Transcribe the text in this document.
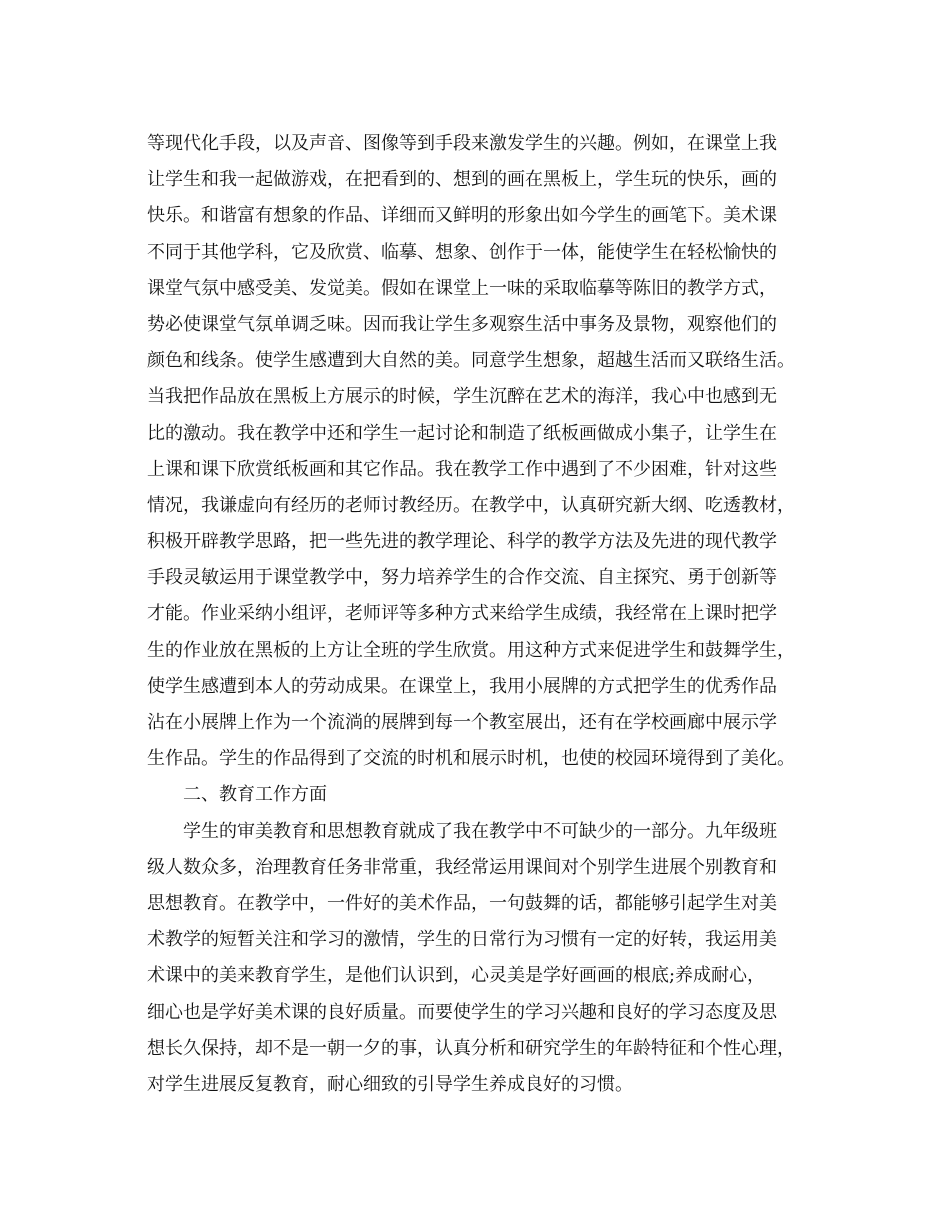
等现代化手段，以及声音、图像等到手段来激发学生的兴趣。例如，在课堂上我
让学生和我一起做游戏，在把看到的、想到的画在黑板上，学生玩的快乐，画的
快乐。和谐富有想象的作品、详细而又鲜明的形象出如今学生的画笔下。美术课
不同于其他学科，它及欣赏、临摹、想象、创作于一体，能使学生在轻松愉快的
课堂气氛中感受美、发觉美。假如在课堂上一味的采取临摹等陈旧的教学方式，
势必使课堂气氛单调乏味。因而我让学生多观察生活中事务及景物，观察他们的
颜色和线条。使学生感遭到大自然的美。同意学生想象，超越生活而又联络生活。
当我把作品放在黑板上方展示的时候，学生沉醉在艺术的海洋，我心中也感到无
比的激动。我在教学中还和学生一起讨论和制造了纸板画做成小集子，让学生在
上课和课下欣赏纸板画和其它作品。我在教学工作中遇到了不少困难，针对这些
情况，我谦虚向有经历的老师讨教经历。在教学中，认真研究新大纲、吃透教材，
积极开辟教学思路，把一些先进的教学理论、科学的教学方法及先进的现代教学
手段灵敏运用于课堂教学中，努力培养学生的合作交流、自主探究、勇于创新等
才能。作业采纳小组评，老师评等多种方式来给学生成绩，我经常在上课时把学
生的作业放在黑板的上方让全班的学生欣赏。用这种方式来促进学生和鼓舞学生，
使学生感遭到本人的劳动成果。在课堂上，我用小展牌的方式把学生的优秀作品
沾在小展牌上作为一个流淌的展牌到每一个教室展出，还有在学校画廊中展示学
生作品。学生的作品得到了交流的时机和展示时机，也使的校园环境得到了美化。
二、教育工作方面
学生的审美教育和思想教育就成了我在教学中不可缺少的一部分。九年级班
级人数众多，治理教育任务非常重，我经常运用课间对个别学生进展个别教育和
思想教育。在教学中，一件好的美术作品，一句鼓舞的话，都能够引起学生对美
术教学的短暂关注和学习的激情，学生的日常行为习惯有一定的好转，我运用美
术课中的美来教育学生，是他们认识到，心灵美是学好画画的根底;养成耐心，
细心也是学好美术课的良好质量。而要使学生的学习兴趣和良好的学习态度及思
想长久保持，却不是一朝一夕的事，认真分析和研究学生的年龄特征和个性心理，
对学生进展反复教育，耐心细致的引导学生养成良好的习惯。
